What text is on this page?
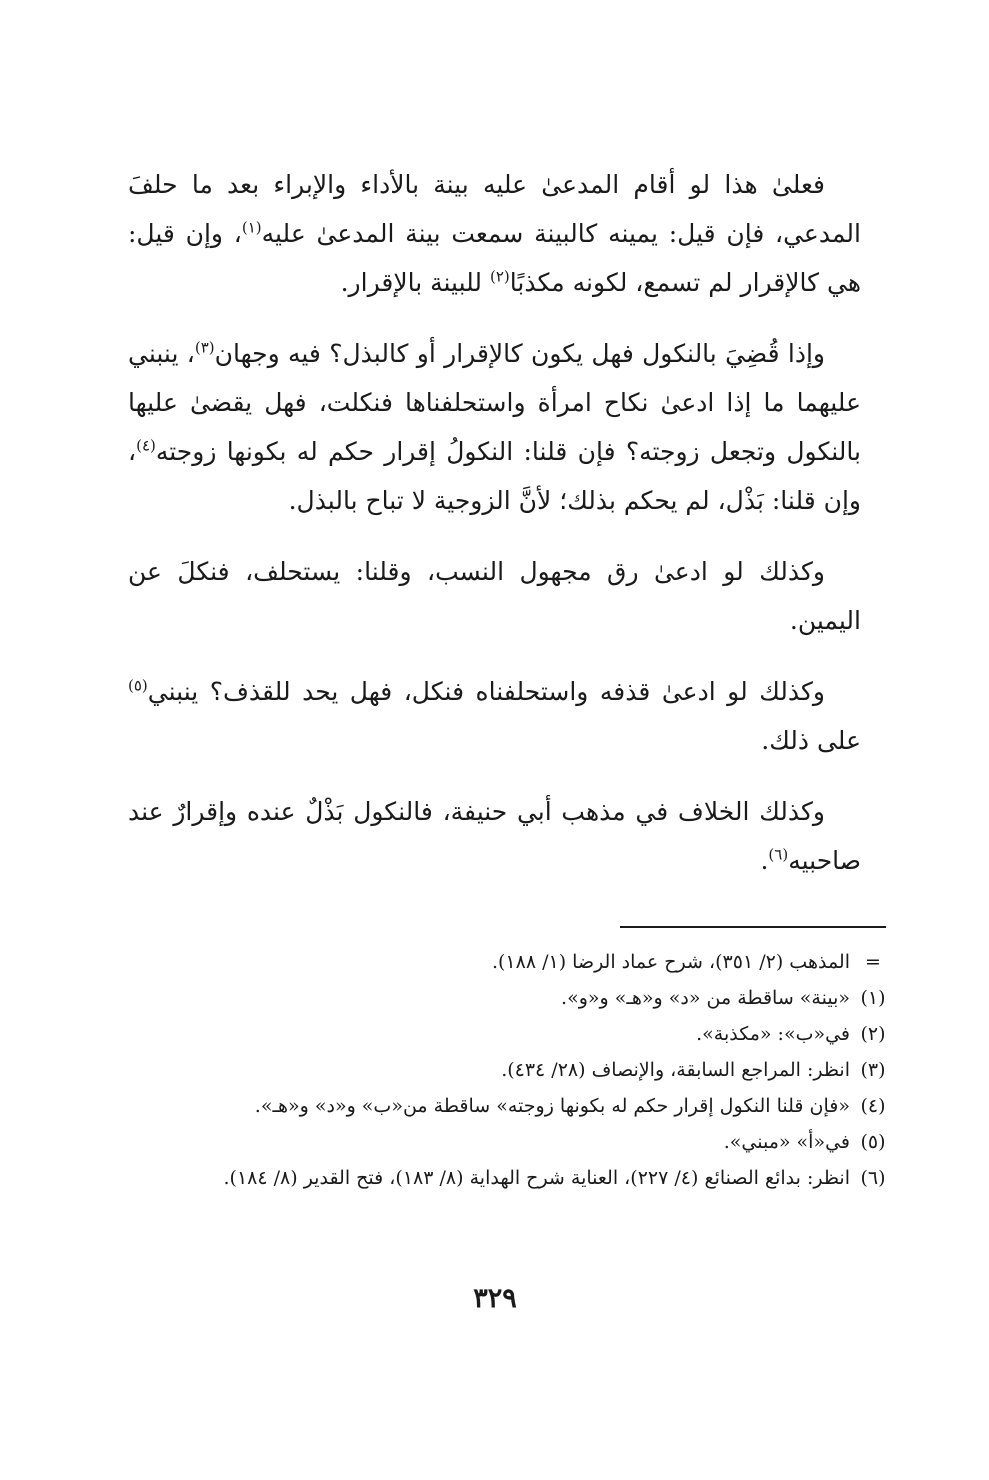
فعلىٰ هذا لو أقام المدعىٰ عليه بينة بالأداء والإبراء بعد ما حلفَ المدعي، فإن قيل: يمينه كالبينة سمعت بينة المدعىٰ عليه$^{(١)}$، وإن قيل: هي كالإقرار لم تسمع، لكونه مكذبًا$^{(٢)}$ للبينة بالإقرار.

وإذا قُضِيَ بالنكول فهل يكون كالإقرار أو كالبذل؟ فيه وجهان$^{(٣)}$، ينبني عليهما ما إذا ادعىٰ نكاح امرأة واستحلفناها فنكلت، فهل يقضىٰ عليها بالنكول وتجعل زوجته؟ فإن قلنا: النكولُ إقرار حكم له بكونها زوجته$^{(٤)}$، وإن قلنا: بَذْل، لم يحكم بذلك؛ لأنَّ الزوجية لا تباح بالبذل.

وكذلك لو ادعىٰ رق مجهول النسب، وقلنا: يستحلف، فنكلَ عن اليمين.

وكذلك لو ادعىٰ قذفه واستحلفناه فنكل، فهل يحد للقذف؟ ينبني$^{(٥)}$ على ذلك.

وكذلك الخلاف في مذهب أبي حنيفة، فالنكول بَذْلٌ عنده وإقرارٌ عند صاحبيه$^{(٦)}$.

=
المذهب (٢/ ٣٥١)، شرح عماد الرضا (١/ ١٨٨).
(١)
«بينة» ساقطة من «د» و«هـ» و«و».
(٢)
في«ب»: «مكذبة».
(٣)
انظر: المراجع السابقة، والإنصاف (٢٨/ ٤٣٤).
(٤)
«فإن قلنا النكول إقرار حكم له بكونها زوجته» ساقطة من«ب» و«د» و«هـ».
(٥)
في«أ» «مبني».
(٦)
انظر: بدائع الصنائع (٤/ ٢٢٧)، العناية شرح الهداية (٨/ ١٨٣)، فتح القدير (٨/ ١٨٤).
٣٢٩
